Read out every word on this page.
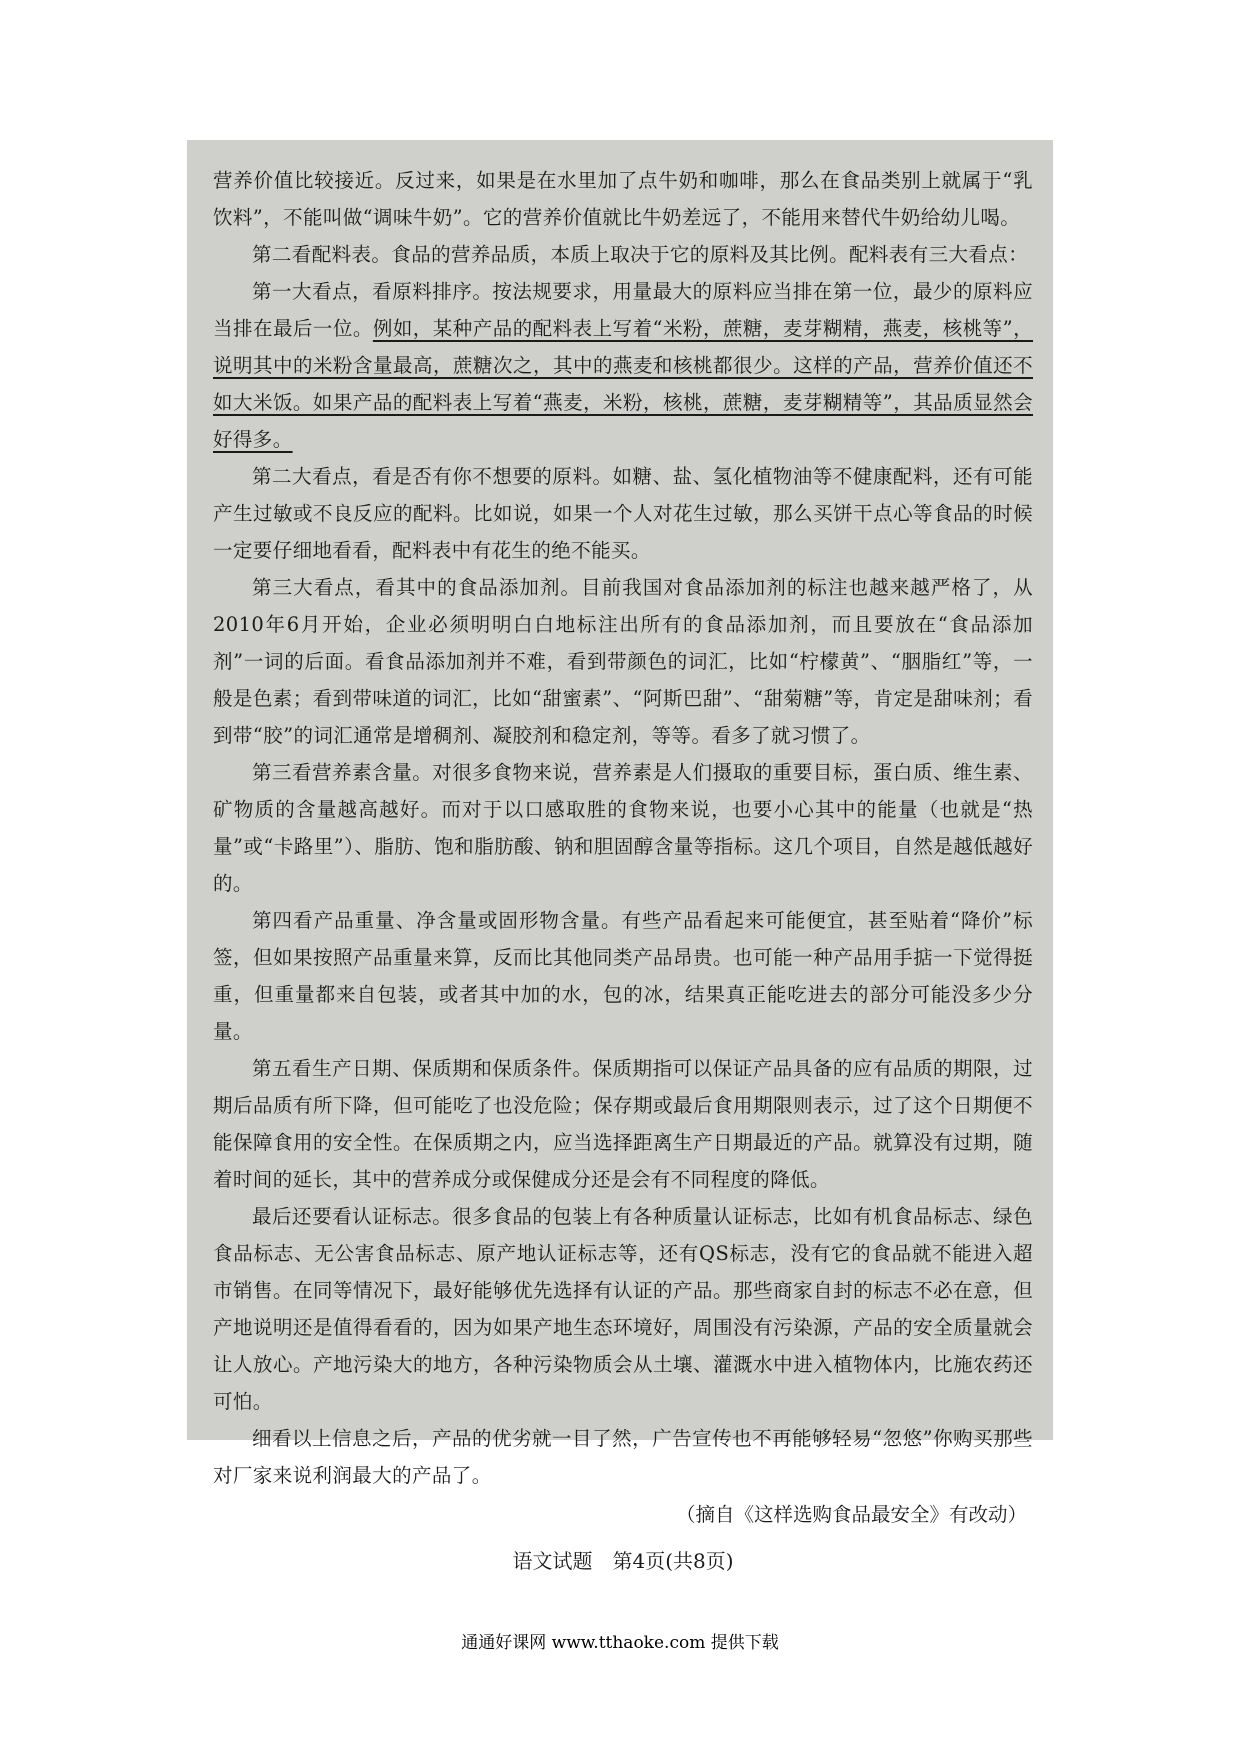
营养价值比较接近。反过来，如果是在水里加了点牛奶和咖啡，那么在食品类别上就属于“乳饮料”，不能叫做“调味牛奶”。它的营养价值就比牛奶差远了，不能用来替代牛奶给幼儿喝。

第二看配料表。食品的营养品质，本质上取决于它的原料及其比例。配料表有三大看点：

第一大看点，看原料排序。按法规要求，用量最大的原料应当排在第一位，最少的原料应当排在最后一位。例如，某种产品的配料表上写着“米粉，蔗糖，麦芽糊精，燕麦，核桃等”，说明其中的米粉含量最高，蔗糖次之，其中的燕麦和核桃都很少。这样的产品，营养价值还不如大米饭。如果产品的配料表上写着“燕麦，米粉，核桃，蔗糖，麦芽糊精等”，其品质显然会好得多。

第二大看点，看是否有你不想要的原料。如糖、盐、氢化植物油等不健康配料，还有可能产生过敏或不良反应的配料。比如说，如果一个人对花生过敏，那么买饼干点心等食品的时候一定要仔细地看看，配料表中有花生的绝不能买。

第三大看点，看其中的食品添加剂。目前我国对食品添加剂的标注也越来越严格了，从2010年6月开始，企业必须明明白白地标注出所有的食品添加剂，而且要放在“食品添加剂”一词的后面。看食品添加剂并不难，看到带颜色的词汇，比如“柠檬黄”、“胭脂红”等，一般是色素；看到带味道的词汇，比如“甜蜜素”、“阿斯巴甜”、“甜菊糖”等，肯定是甜味剂；看到带“胶”的词汇通常是增稠剂、凝胶剂和稳定剂，等等。看多了就习惯了。

第三看营养素含量。对很多食物来说，营养素是人们摄取的重要目标，蛋白质、维生素、矿物质的含量越高越好。而对于以口感取胜的食物来说，也要小心其中的能量（也就是“热量”或“卡路里”）、脂肪、饱和脂肪酸、钠和胆固醇含量等指标。这几个项目，自然是越低越好的。

第四看产品重量、净含量或固形物含量。有些产品看起来可能便宜，甚至贴着“降价”标签，但如果按照产品重量来算，反而比其他同类产品昂贵。也可能一种产品用手掂一下觉得挺重，但重量都来自包装，或者其中加的水，包的冰，结果真正能吃进去的部分可能没多少分量。

第五看生产日期、保质期和保质条件。保质期指可以保证产品具备的应有品质的期限，过期后品质有所下降，但可能吃了也没危险；保存期或最后食用期限则表示，过了这个日期便不能保障食用的安全性。在保质期之内，应当选择距离生产日期最近的产品。就算没有过期，随着时间的延长，其中的营养成分或保健成分还是会有不同程度的降低。

最后还要看认证标志。很多食品的包装上有各种质量认证标志，比如有机食品标志、绿色食品标志、无公害食品标志、原产地认证标志等，还有QS标志，没有它的食品就不能进入超市销售。在同等情况下，最好能够优先选择有认证的产品。那些商家自封的标志不必在意，但产地说明还是值得看看的，因为如果产地生态环境好，周围没有污染源，产品的安全质量就会让人放心。产地污染大的地方，各种污染物质会从土壤、灌溉水中进入植物体内，比施农药还可怕。

细看以上信息之后，产品的优劣就一目了然，广告宣传也不再能够轻易“忽悠”你购买那些对厂家来说利润最大的产品了。

（摘自《这样选购食品最安全》有改动）

语文试题　第4页(共8页)

通通好课网 www.tthaoke.com 提供下载
